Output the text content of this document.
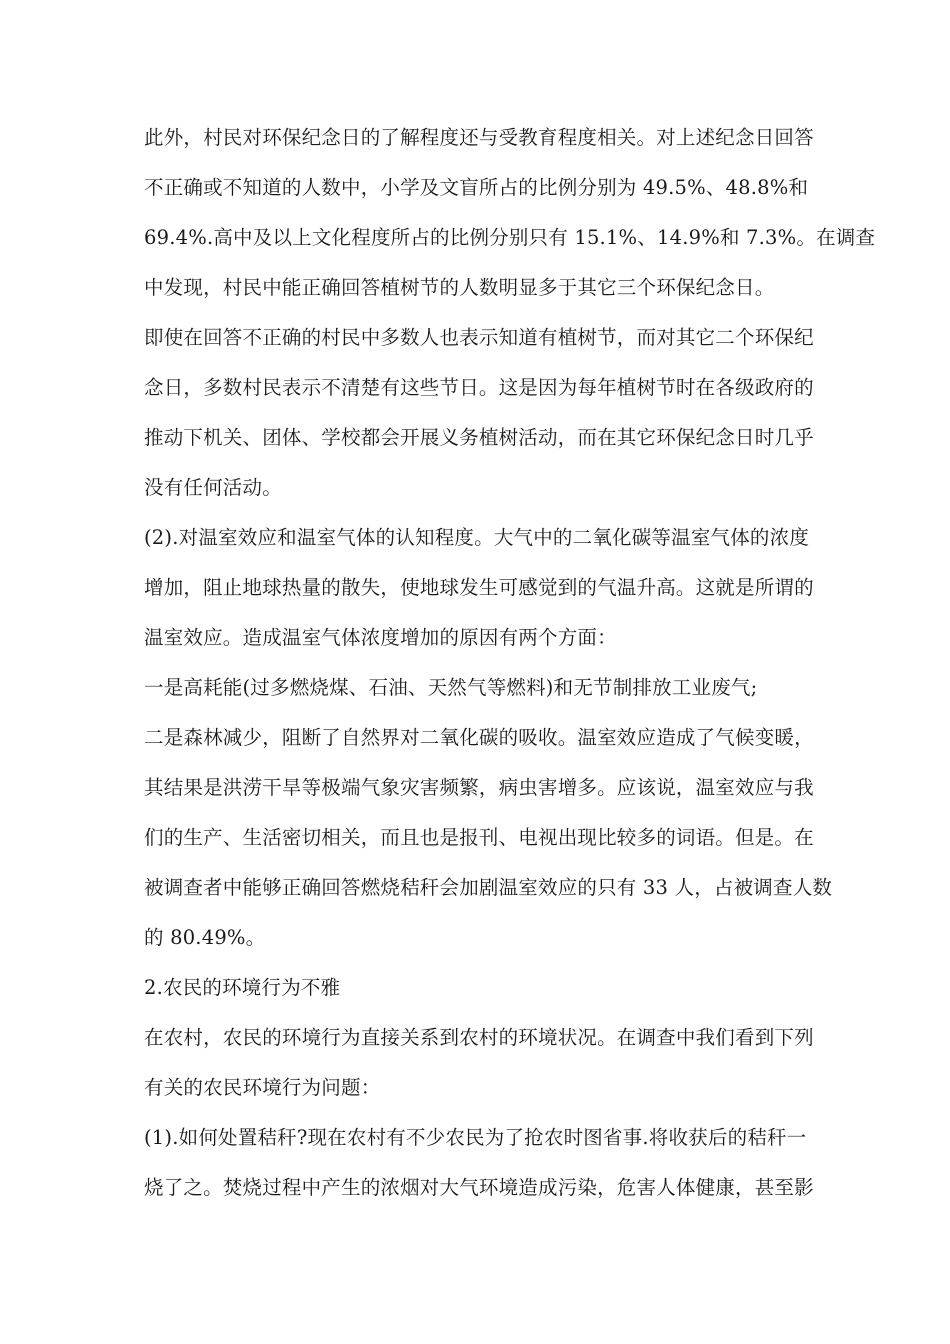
此外，村民对环保纪念日的了解程度还与受教育程度相关。对上述纪念日回答
不正确或不知道的人数中，小学及文盲所占的比例分别为 49.5%、48.8%和
69.4%.高中及以上文化程度所占的比例分别只有 15.1%、14.9%和 7.3%。在调查
中发现，村民中能正确回答植树节的人数明显多于其它三个环保纪念日。
即使在回答不正确的村民中多数人也表示知道有植树节，而对其它二个环保纪
念日，多数村民表示不清楚有这些节日。这是因为每年植树节时在各级政府的
推动下机关、团体、学校都会开展义务植树活动，而在其它环保纪念日时几乎
没有任何活动。
(2).对温室效应和温室气体的认知程度。大气中的二氧化碳等温室气体的浓度
增加，阻止地球热量的散失，使地球发生可感觉到的气温升高。这就是所谓的
温室效应。造成温室气体浓度增加的原因有两个方面：
一是高耗能(过多燃烧煤、石油、天然气等燃料)和无节制排放工业废气;
二是森林减少，阻断了自然界对二氧化碳的吸收。温室效应造成了气候变暖，
其结果是洪涝干旱等极端气象灾害频繁，病虫害增多。应该说，温室效应与我
们的生产、生活密切相关，而且也是报刊、电视出现比较多的词语。但是。在
被调查者中能够正确回答燃烧秸秆会加剧温室效应的只有 33 人，占被调查人数
的 80.49%。
2.农民的环境行为不雅
在农村，农民的环境行为直接关系到农村的环境状况。在调查中我们看到下列
有关的农民环境行为问题：
(1).如何处置秸秆?现在农村有不少农民为了抢农时图省事.将收获后的秸秆一
烧了之。焚烧过程中产生的浓烟对大气环境造成污染，危害人体健康，甚至影
